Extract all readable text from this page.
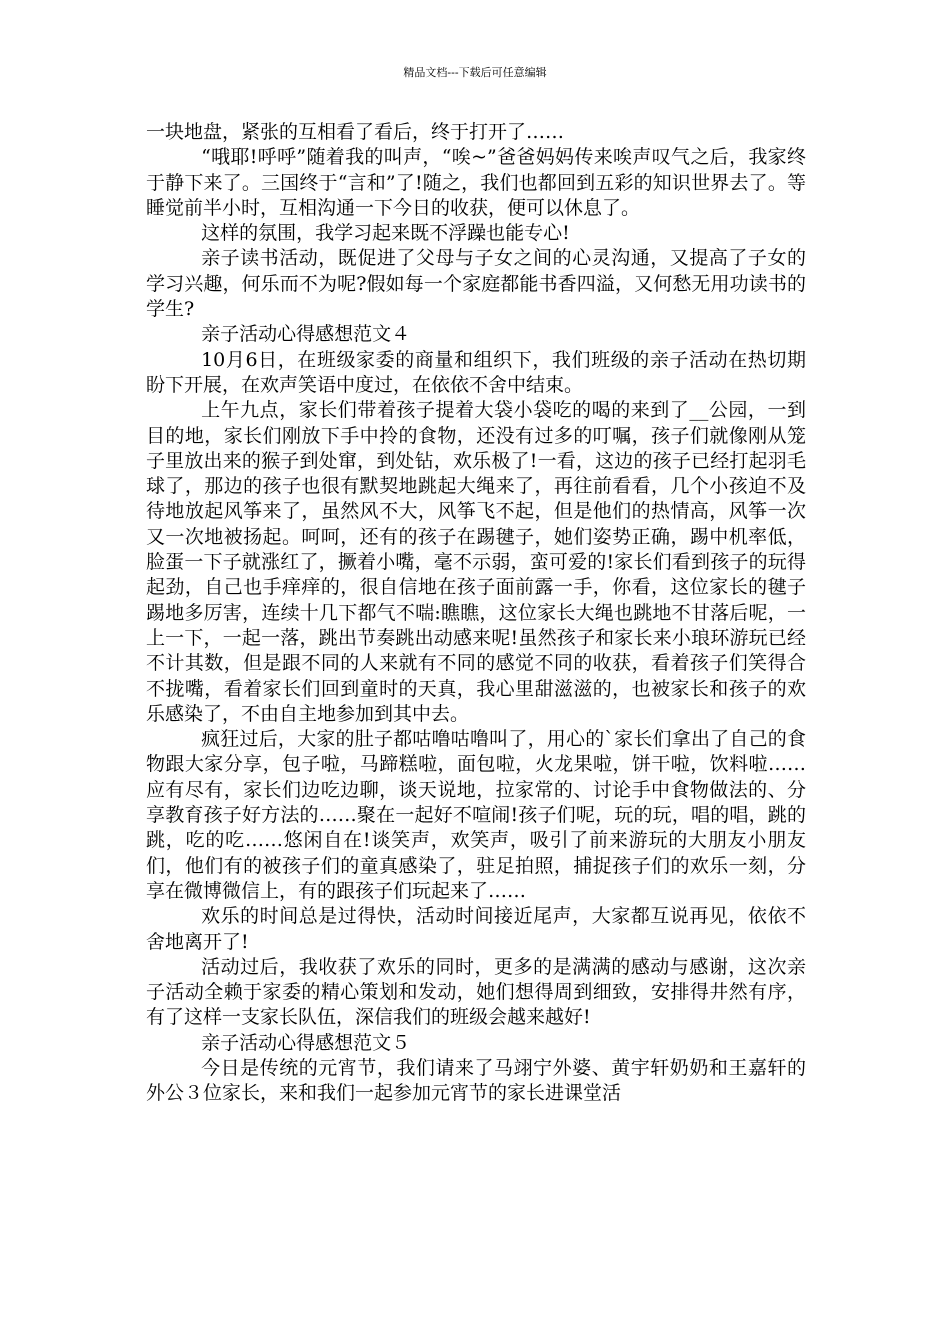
精品文档---下载后可任意编辑

一块地盘，紧张的互相看了看后，终于打开了……

“哦耶!呼呼”随着我的叫声，“唉~”爸爸妈妈传来唉声叹气之后，我家终于静下来了。三国终于“言和”了!随之，我们也都回到五彩的知识世界去了。等睡觉前半小时，互相沟通一下今日的收获，便可以休息了。

这样的氛围，我学习起来既不浮躁也能专心!

亲子读书活动，既促进了父母与子女之间的心灵沟通，又提高了子女的学习兴趣，何乐而不为呢?假如每一个家庭都能书香四溢，又何愁无用功读书的学生?

亲子活动心得感想范文４

10月6日，在班级家委的商量和组织下，我们班级的亲子活动在热切期盼下开展，在欢声笑语中度过，在依依不舍中结束。

上午九点，家长们带着孩子提着大袋小袋吃的喝的来到了__公园，一到目的地，家长们刚放下手中拎的食物，还没有过多的叮嘱，孩子们就像刚从笼子里放出来的猴子到处窜，到处钻，欢乐极了!一看，这边的孩子已经打起羽毛球了，那边的孩子也很有默契地跳起大绳来了，再往前看看，几个小孩迫不及待地放起风筝来了，虽然风不大，风筝飞不起，但是他们的热情高，风筝一次又一次地被扬起。呵呵，还有的孩子在踢毽子，她们姿势正确，踢中机率低，脸蛋一下子就涨红了，撅着小嘴，毫不示弱，蛮可爱的!家长们看到孩子的玩得起劲，自己也手痒痒的，很自信地在孩子面前露一手，你看，这位家长的毽子踢地多厉害，连续十几下都气不喘:瞧瞧，这位家长大绳也跳地不甘落后呢，一上一下，一起一落，跳出节奏跳出动感来呢!虽然孩子和家长来小琅环游玩已经不计其数，但是跟不同的人来就有不同的感觉不同的收获，看着孩子们笑得合不拢嘴，看着家长们回到童时的天真，我心里甜滋滋的，也被家长和孩子的欢乐感染了，不由自主地参加到其中去。

疯狂过后，大家的肚子都咕噜咕噜叫了，用心的`家长们拿出了自己的食物跟大家分享，包子啦，马蹄糕啦，面包啦，火龙果啦，饼干啦，饮料啦……应有尽有，家长们边吃边聊，谈天说地，拉家常的、讨论手中食物做法的、分享教育孩子好方法的……聚在一起好不喧闹!孩子们呢，玩的玩，唱的唱，跳的跳，吃的吃……悠闲自在!谈笑声，欢笑声，吸引了前来游玩的大朋友小朋友们，他们有的被孩子们的童真感染了，驻足拍照，捕捉孩子们的欢乐一刻，分享在微博微信上，有的跟孩子们玩起来了……

欢乐的时间总是过得快，活动时间接近尾声，大家都互说再见，依依不舍地离开了!

活动过后，我收获了欢乐的同时，更多的是满满的感动与感谢，这次亲子活动全赖于家委的精心策划和发动，她们想得周到细致，安排得井然有序，有了这样一支家长队伍，深信我们的班级会越来越好!

亲子活动心得感想范文５

今日是传统的元宵节，我们请来了马翊宁外婆、黄宇轩奶奶和王嘉轩的外公３位家长，来和我们一起参加元宵节的家长进课堂活
